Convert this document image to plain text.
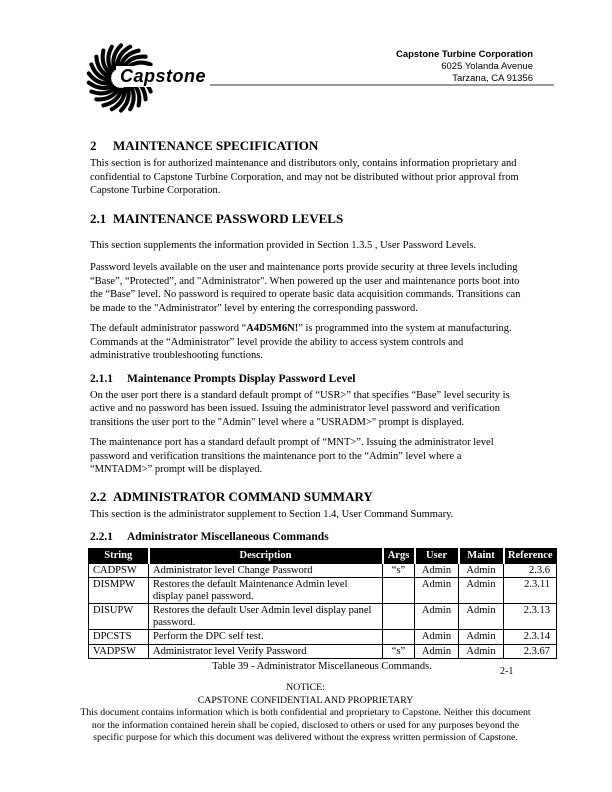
Capstone
Capstone Turbine Corporation
6025 Yolanda Avenue
Tarzana, CA 91356
2 MAINTENANCE SPECIFICATION

This section is for authorized maintenance and distributors only, contains information proprietary and confidential to Capstone Turbine Corporation, and may not be distributed without prior approval from Capstone Turbine Corporation.

2.1 MAINTENANCE PASSWORD LEVELS

This section supplements the information provided in Section 1.3.5 , User Password Levels.

Password levels available on the user and maintenance ports provide security at three levels including “Base”, “Protected”, and "Administrator". When powered up the user and maintenance ports boot into the “Base” level. No password is required to operate basic data acquisition commands. Transitions can be made to the "Administrator" level by entering the corresponding password.

The default administrator password “A4D5M6N!” is programmed into the system at manufacturing. Commands at the “Administrator” level provide the ability to access system controls and administrative troubleshooting functions.

2.1.1 Maintenance Prompts Display Password Level

On the user port there is a standard default prompt of “USR>” that specifies “Base” level security is active and no password has been issued. Issuing the administrator level password and verification transitions the user port to the "Admin" level where a "USRADM>" prompt is displayed.

The maintenance port has a standard default prompt of “MNT>”. Issuing the administrator level password and verification transitions the maintenance port to the “Admin” level where a “MNTADM>” prompt will be displayed.

2.2 ADMINISTRATOR COMMAND SUMMARY

This section is the administrator supplement to Section 1.4, User Command Summary.

2.2.1 Administrator Miscellaneous Commands
String	Description	Args	User	Maint	Reference
CADPSW	Administrator level Change Password	“s”	Admin	Admin	2.3.6
DISMPW	Restores the default Maintenance Admin level display panel password.		Admin	Admin	2.3.11
DISUPW	Restores the default User Admin level display panel password.		Admin	Admin	2.3.13
DPCSTS	Perform the DPC self test.		Admin	Admin	2.3.14
VADPSW	Administrator level Verify Password	“s”	Admin	Admin	2.3.67
Table 39 - Administrator Miscellaneous Commands.	2-1
NOTICE:
CAPSTONE CONFIDENTIAL AND PROPRIETARY
This document contains information which is both confidential and proprietary to Capstone. Neither this document nor the information contained herein shall be copied, disclosed to others or used for any purposes beyond the specific purpose for which this document was delivered without the express written permission of Capstone.
